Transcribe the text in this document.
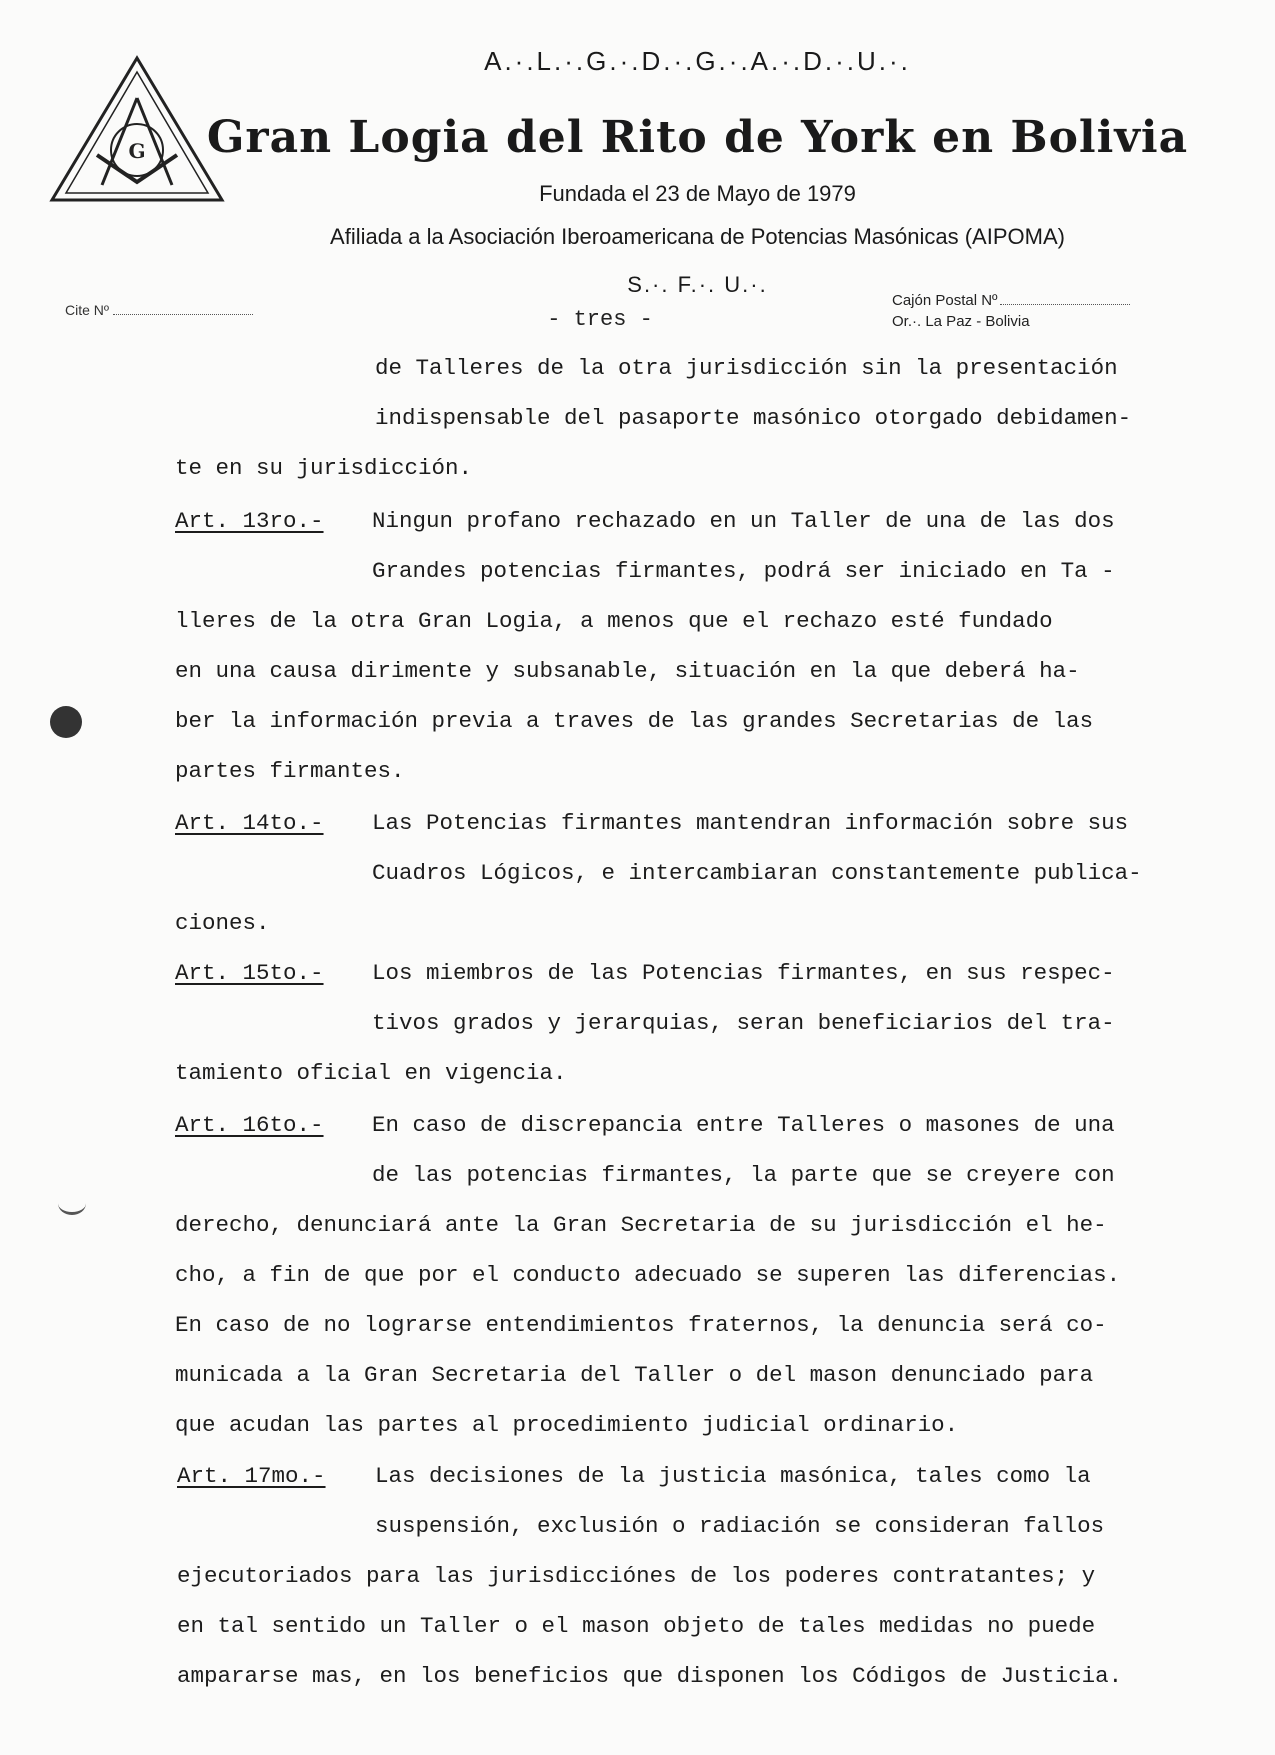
G
A.·.L.·.G.·.D.·.G.·.A.·.D.·.U.·.
Gran Logia del Rito de York en Bolivia
Fundada el 23 de Mayo de 1979
Afiliada a la Asociación Iberoamericana de Potencias Masónicas (AIPOMA)
S.·. F.·. U.·.
Cite Nº
Cajón Postal Nº
Or.·. La Paz - Bolivia
- tres -
de Talleres de la otra jurisdicción sin la presentación
indispensable del pasaporte masónico otorgado debidamen-
te en su jurisdicción.
Art. 13ro.- Ningun profano rechazado en un Taller de una de las dos
Grandes potencias firmantes, podrá ser iniciado en Ta -
lleres de la otra Gran Logia, a menos que el rechazo esté fundado
en una causa dirimente y subsanable, situación en la que deberá ha-
ber la información previa a traves de las grandes Secretarias de las
partes firmantes.
Art. 14to.- Las Potencias firmantes mantendran información sobre sus
Cuadros Lógicos, e intercambiaran constantemente publica-
ciones.
Art. 15to.- Los miembros de las Potencias firmantes, en sus respec-
tivos grados y jerarquias, seran beneficiarios del tra-
tamiento oficial en vigencia.
Art. 16to.- En caso de discrepancia entre Talleres o masones de una
de las potencias firmantes, la parte que se creyere con
derecho, denunciará ante la Gran Secretaria de su jurisdicción el he-
cho, a fin de que por el conducto adecuado se superen las diferencias.
En caso de no lograrse entendimientos fraternos, la denuncia será co-
municada a la Gran Secretaria del Taller o del mason denunciado para
que acudan las partes al procedimiento judicial ordinario.
Art. 17mo.- Las decisiones de la justicia masónica, tales como la
suspensión, exclusión o radiación se consideran fallos
ejecutoriados para las jurisdicciónes de los poderes contratantes; y
en tal sentido un Taller o el mason objeto de tales medidas no puede
ampararse mas, en los beneficios que disponen los Códigos de Justicia.
